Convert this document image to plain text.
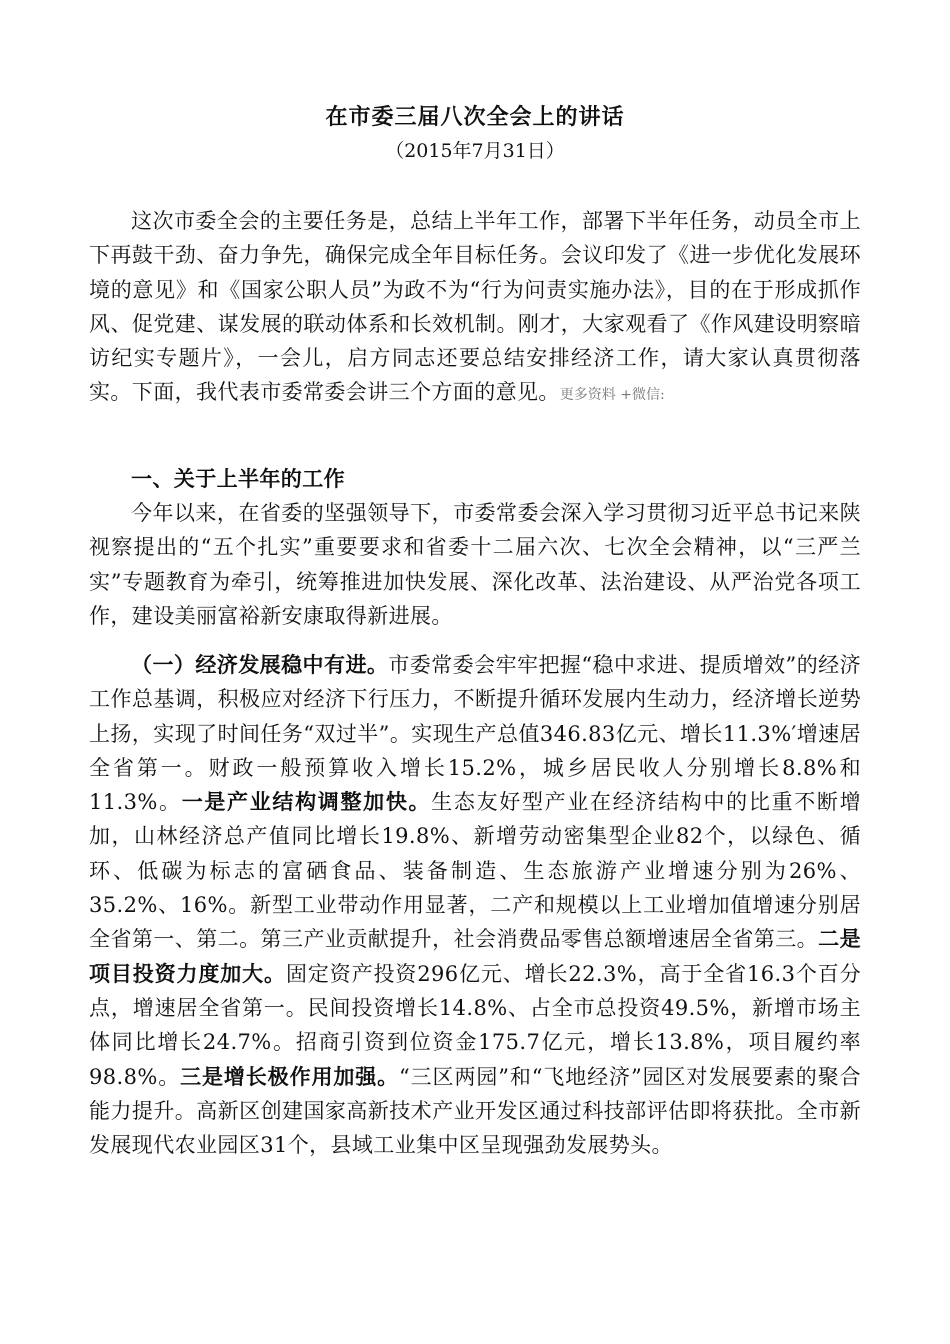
在市委三届八次全会上的讲话
（2015年7月31日）
这次市委全会的主要任务是，总结上半年工作，部署下半年任务，动员全市上下再鼓干劲、奋力争先，确保完成全年目标任务。会议印发了《进一步优化发展环境的意见》和《国家公职人员”为政不为“行为问责实施办法》，目的在于形成抓作风、促党建、谋发展的联动体系和长效机制。刚才，大家观看了《作风建设明察暗访纪实专题片》，一会儿，启方同志还要总结安排经济工作，请大家认真贯彻落实。下面，我代表市委常委会讲三个方面的意见。更多资料 +微信:
一、关于上半年的工作
今年以来，在省委的坚强领导下，市委常委会深入学习贯彻习近平总书记来陕视察提出的“五个扎实”重要要求和省委十二届六次、七次全会精神，以“三严兰实”专题教育为牵引，统筹推进加快发展、深化改革、法治建设、从严治党各项工作，建设美丽富裕新安康取得新进展。
（一）经济发展稳中有进。市委常委会牢牢把握“稳中求进、提质增效”的经济工作总基调，积极应对经济下行压力，不断提升循环发展内生动力，经济增长逆势上扬，实现了时间任务“双过半”。实现生产总值346.83亿元、增长11.3%′增速居全省第一。财政一般预算收入增长15.2%，城乡居民收人分别增长8.8%和11.3%。一是产业结构调整加快。生态友好型产业在经济结构中的比重不断增加，山林经济总产值同比增长19.8%、新增劳动密集型企业82个，以绿色、循环、低碳为标志的富硒食品、装备制造、生态旅游产业增速分别为26%、35.2%、16%。新型工业带动作用显著，二产和规模以上工业增加值增速分别居全省第一、第二。第三产业贡献提升，社会消费品零售总额增速居全省第三。二是项目投资力度加大。固定资产投资296亿元、增长22.3%，高于全省16.3个百分点，增速居全省第一。民间投资增长14.8%、占全市总投资49.5%，新增市场主体同比增长24.7%。招商引资到位资金175.7亿元，增长13.8%，项目履约率98.8%。三是增长极作用加强。“三区两园”和“飞地经济”园区对发展要素的聚合能力提升。高新区创建国家高新技术产业开发区通过科技部评估即将获批。全市新发展现代农业园区31个，县域工业集中区呈现强劲发展势头。
